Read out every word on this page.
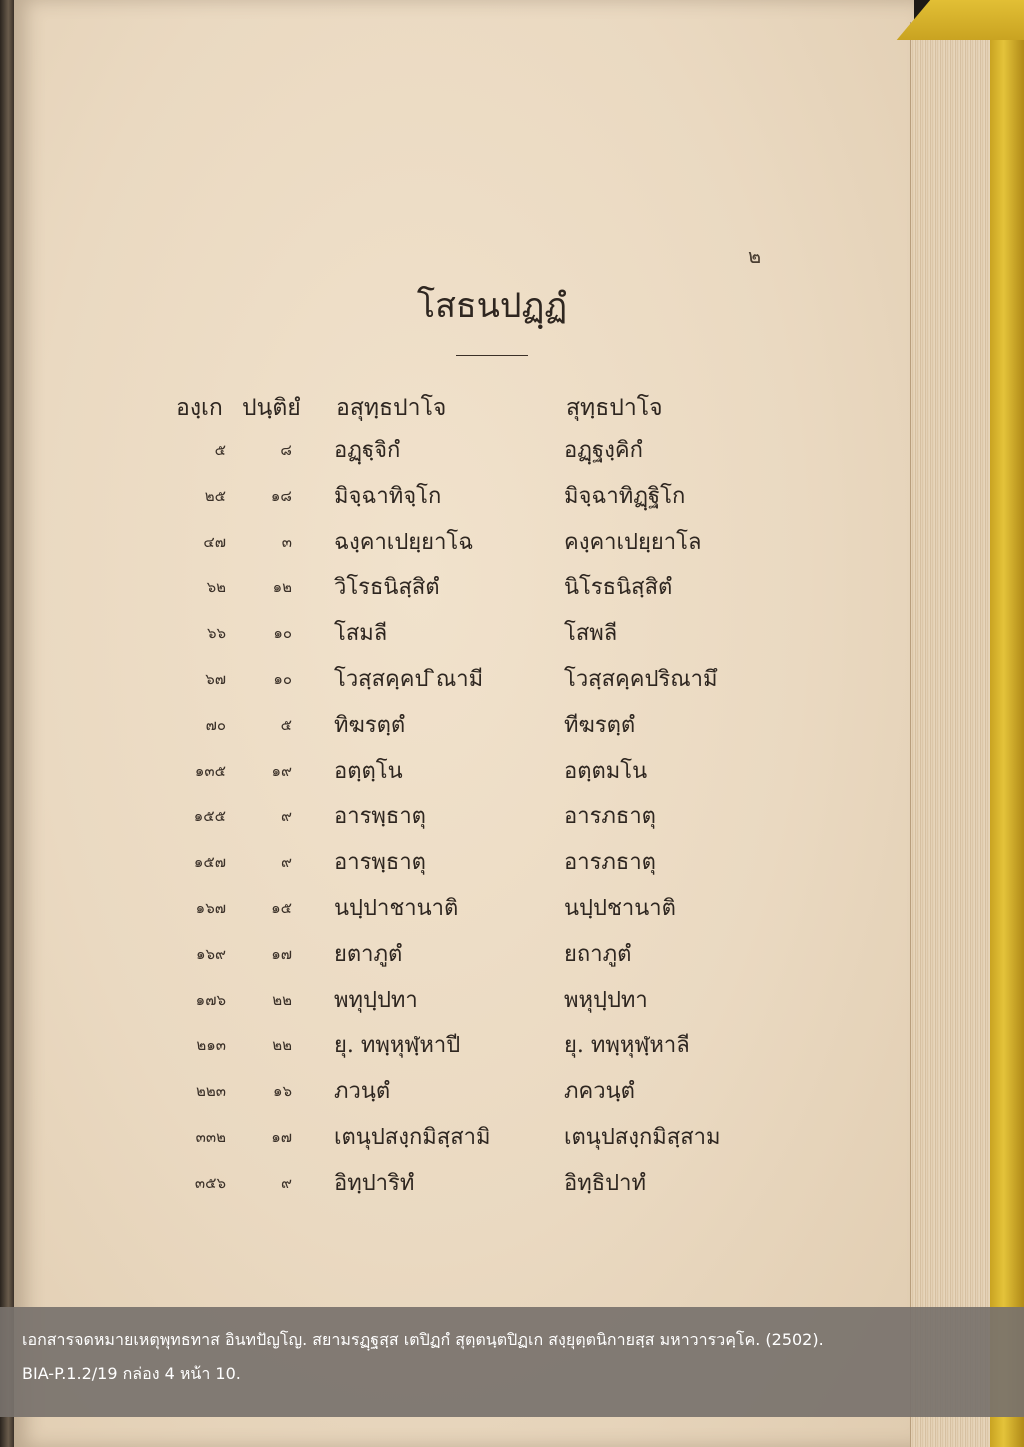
๒

โสธนปฏฺฏํ
องฺเก ปนฺติยํ อสุทฺธปาโจ	สุทฺธปาโจ
๕	๘ อฏฺฐฺจิกํ	อฏฺฐงฺคิกํ
๒๕	๑๘ มิจฺฉาทิจฺโก	มิจฺฉาทิฏฺฐิโก
๔๗	๓ ฉงฺคาเปยฺยาโฉ	คงฺคาเปยฺยาโล
๖๒	๑๒ วิโรธนิสฺสิตํ	นิโรธนิสฺสิตํ
๖๖	๑๐ โสมลี	โสพลี
๖๗	๑๐ โวสฺสคฺคป ิณามี	โวสฺสคฺคปริณามึ
๗๐	๕ ทิฆรตฺตํ	ทีฆรตฺตํ
๑๓๕	๑๙ อตฺตฺโน	อตฺตมโน
๑๕๕	๙ อารพฺธาตุ	อารภธาตุ
๑๕๗	๙ อารพฺธาตุ	อารภธาตุ
๑๖๗	๑๕ นปฺปาชานาติ	นปฺปชานาติ
๑๖๙	๑๗ ยตาภูตํ	ยถาภูตํ
๑๗๖	๒๒ พทุปฺปทา	พหุปฺปทา
๒๑๓	๒๒ ยุ. ทพฺหุฬฺหาปี	ยุ. ทพฺหุฬฺหาลี
๒๒๓	๑๖ ภวนฺตํ	ภควนฺตํ
๓๓๒	๑๗ เตนุปสงฺกมิสฺสามิ	เตนุปสงฺกมิสฺสาม
๓๕๖	๙ อิทฺปาริทํ	อิทฺธิปาทํ

เอกสารจดหมายเหตุพุทธทาส อินทปัญโญ. สยามรฏฺฐสฺส เตปิฏกํ สุตฺตนฺตปิฏเก สงฺยุตฺตนิกายสฺส มหาวารวคฺโค. (2502).

BIA-P.1.2/19 กล่อง 4 หน้า 10.
